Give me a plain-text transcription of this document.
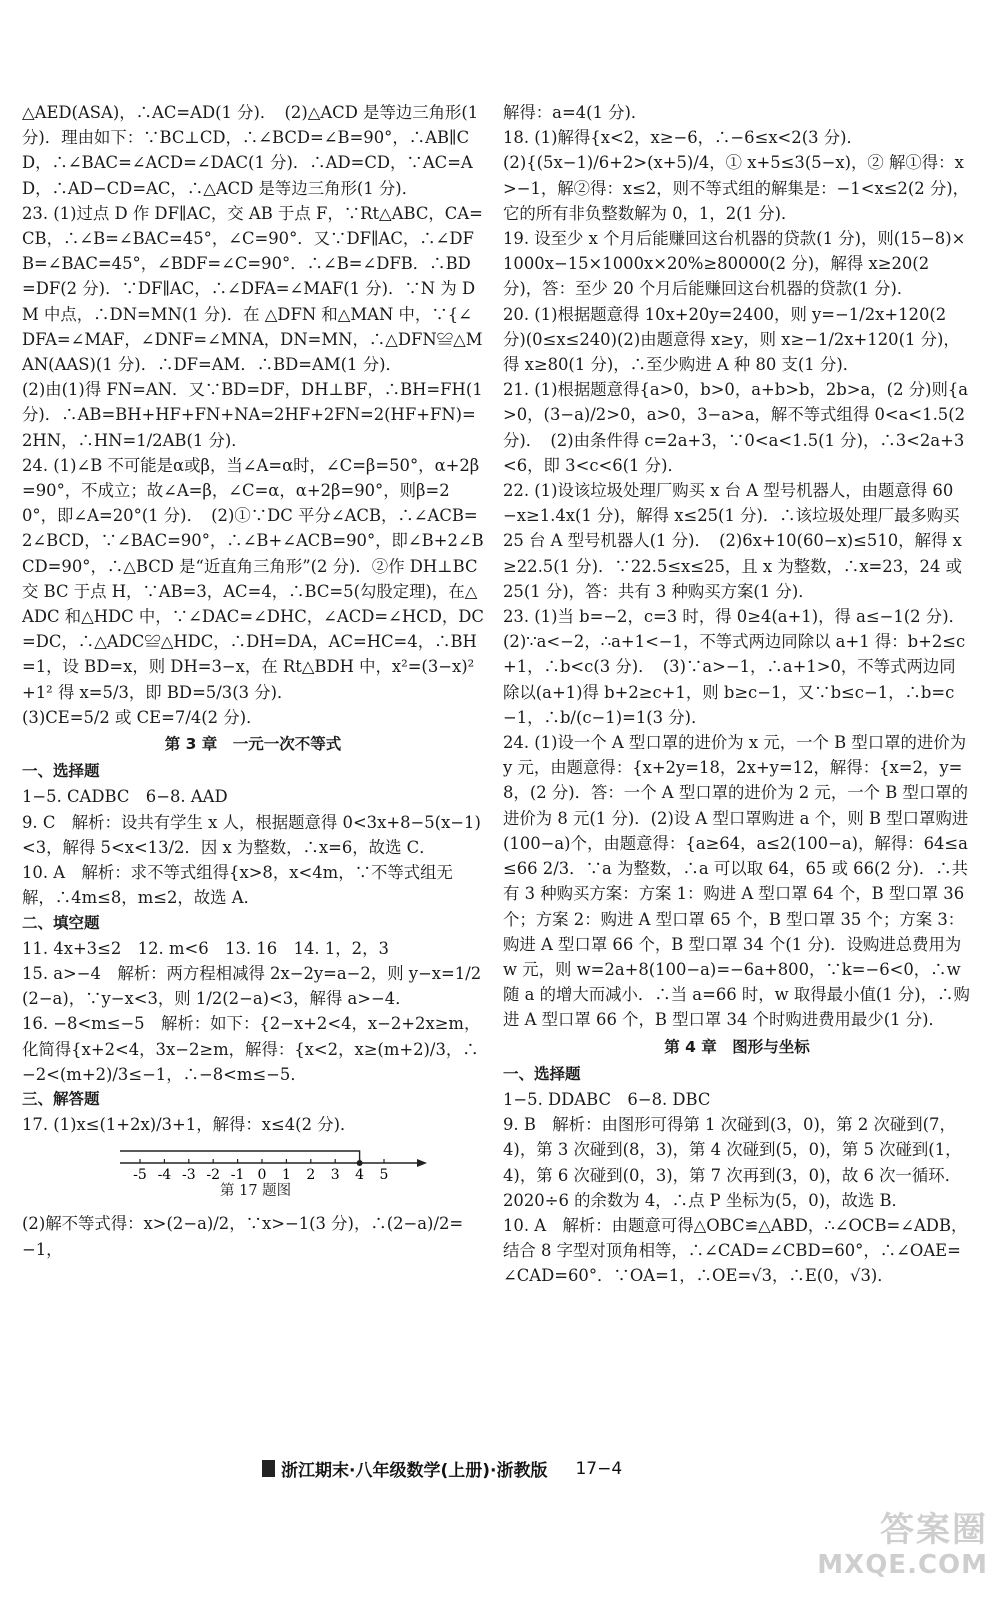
△AED(ASA)，∴AC=AD(1 分)．　(2)△ACD 是等边三角形(1 分)．理由如下：∵BC⊥CD，∴∠BCD=∠B=90°，∴AB∥CD，∴∠BAC=∠ACD=∠DAC(1 分)．∴AD=CD，∵AC=AD，∴AD−CD=AC，∴△ACD 是等边三角形(1 分)．

23. (1)过点 D 作 DF∥AC，交 AB 于点 F，∵Rt△ABC，CA=CB，∴∠B=∠BAC=45°，∠C=90°．又∵DF∥AC，∴∠DFB=∠BAC=45°，∠BDF=∠C=90°．∴∠B=∠DFB．∴BD=DF(2 分)．∵DF∥AC，∴∠DFA=∠MAF(1 分)．∵N 为 DM 中点，∴DN=MN(1 分)．在 △DFN 和△MAN 中，∵{∠DFA=∠MAF，∠DNF=∠MNA，DN=MN，∴△DFN≌△MAN(AAS)(1 分)．∴DF=AM．∴BD=AM(1 分)．

(2)由(1)得 FN=AN．又∵BD=DF，DH⊥BF，∴BH=FH(1 分)．∴AB=BH+HF+FN+NA=2HF+2FN=2(HF+FN)=2HN，∴HN=1/2AB(1 分)．

24. (1)∠B 不可能是α或β，当∠A=α时，∠C=β=50°，α+2β=90°，不成立；故∠A=β，∠C=α，α+2β=90°，则β=20°，即∠A=20°(1 分)．　(2)①∵DC 平分∠ACB，∴∠ACB=2∠BCD，∵∠BAC=90°，∴∠B+∠ACB=90°，即∠B+2∠BCD=90°，∴△BCD 是“近直角三角形”(2 分)．②作 DH⊥BC 交 BC 于点 H，∵AB=3，AC=4，∴BC=5(勾股定理)，在△ADC 和△HDC 中，∵∠DAC=∠DHC，∠ACD=∠HCD，DC=DC，∴△ADC≌△HDC，∴DH=DA，AC=HC=4，∴BH=1，设 BD=x，则 DH=3−x，在 Rt△BDH 中，x²=(3−x)²+1² 得 x=5/3，即 BD=5/3(3 分)．

(3)CE=5/2 或 CE=7/4(2 分)．

第 3 章　一元一次不等式

一、选择题

1−5. CADBC　6−8. AAD

9. C　解析：设共有学生 x 人，根据题意得 0<3x+8−5(x−1)<3，解得 5<x<13/2．因 x 为整数，∴x=6，故选 C．

10. A　解析：求不等式组得{x>8，x<4m，∵不等式组无解，∴4m≤8，m≤2，故选 A．

二、填空题

11. 4x+3≤2　12. m<6　13. 16　14. 1，2，3

15. a>−4　解析：两方程相减得 2x−2y=a−2，则 y−x=1/2(2−a)，∵y−x<3，则 1/2(2−a)<3，解得 a>−4．

16. −8<m≤−5　解析：如下：{2−x+2<4，x−2+2x≥m，化简得{x+2<4，3x−2≥m，解得：{x<2，x≥(m+2)/3，∴−2<(m+2)/3≤−1，∴−8<m≤−5．

三、解答题

17. (1)x≤(1+2x)/3+1，解得：x≤4(2 分)．

-5 -4 -3 -2 -1 0 1 2 3 4 5
第 17 题图

(2)解不等式得：x>(2−a)/2，∵x>−1(3 分)，∴(2−a)/2=−1，

解得：a=4(1 分)．

18. (1)解得{x<2，x≥−6，∴−6≤x<2(3 分)．

(2){(5x−1)/6+2>(x+5)/4，① x+5≤3(5−x)，② 解①得：x>−1，解②得：x≤2，则不等式组的解集是：−1<x≤2(2 分)，它的所有非负整数解为 0，1，2(1 分)．

19. 设至少 x 个月后能赚回这台机器的贷款(1 分)，则(15−8)×1000x−15×1000x×20%≥80000(2 分)，解得 x≥20(2 分)，答：至少 20 个月后能赚回这台机器的贷款(1 分)．

20. (1)根据题意得 10x+20y=2400，则 y=−1/2x+120(2 分)(0≤x≤240)(2)由题意得 x≥y，则 x≥−1/2x+120(1 分)，得 x≥80(1 分)，∴至少购进 A 种 80 支(1 分)．

21. (1)根据题意得{a>0，b>0，a+b>b，2b>a，(2 分)则{a>0，(3−a)/2>0，a>0，3−a>a，解不等式组得 0<a<1.5(2 分)．　(2)由条件得 c=2a+3，∵0<a<1.5(1 分)，∴3<2a+3<6，即 3<c<6(1 分)．

22. (1)设该垃圾处理厂购买 x 台 A 型号机器人，由题意得 60−x≥1.4x(1 分)，解得 x≤25(1 分)．∴该垃圾处理厂最多购买 25 台 A 型号机器人(1 分)．　(2)6x+10(60−x)≤510，解得 x≥22.5(1 分)．∵22.5≤x≤25，且 x 为整数，∴x=23，24 或 25(1 分)，答：共有 3 种购买方案(1 分)．

23. (1)当 b=−2，c=3 时，得 0≥4(a+1)，得 a≤−1(2 分)．

(2)∵a<−2，∴a+1<−1，不等式两边同除以 a+1 得：b+2≤c+1，∴b<c(3 分)．　(3)∵a>−1，∴a+1>0，不等式两边同除以(a+1)得 b+2≥c+1，则 b≥c−1，又∵b≤c−1，∴b=c−1，∴b/(c−1)=1(3 分)．

24. (1)设一个 A 型口罩的进价为 x 元，一个 B 型口罩的进价为 y 元，由题意得：{x+2y=18，2x+y=12，解得：{x=2，y=8，(2 分)．答：一个 A 型口罩的进价为 2 元，一个 B 型口罩的进价为 8 元(1 分)．(2)设 A 型口罩购进 a 个，则 B 型口罩购进(100−a)个，由题意得：{a≥64，a≤2(100−a)，解得：64≤a≤66 2/3．∵a 为整数，∴a 可以取 64，65 或 66(2 分)．∴共有 3 种购买方案：方案 1：购进 A 型口罩 64 个，B 型口罩 36 个；方案 2：购进 A 型口罩 65 个，B 型口罩 35 个；方案 3：购进 A 型口罩 66 个，B 型口罩 34 个(1 分)．设购进总费用为 w 元，则 w=2a+8(100−a)=−6a+800，∵k=−6<0，∴w 随 a 的增大而减小．∴当 a=66 时，w 取得最小值(1 分)，∴购进 A 型口罩 66 个，B 型口罩 34 个时购进费用最少(1 分)．

第 4 章　图形与坐标

一、选择题

1−5. DDABC　6−8. DBC

9. B　解析：由图形可得第 1 次碰到(3，0)，第 2 次碰到(7，4)，第 3 次碰到(8，3)，第 4 次碰到(5，0)，第 5 次碰到(1，4)，第 6 次碰到(0，3)，第 7 次再到(3，0)，故 6 次一循环．2020÷6 的余数为 4，∴点 P 坐标为(5，0)，故选 B．

10. A　解析：由题意可得△OBC≌△ABD，∴∠OCB=∠ADB，结合 8 字型对顶角相等，∴∠CAD=∠CBD=60°，∴∠OAE=∠CAD=60°．∵OA=1，∴OE=√3，∴E(0，√3)．

浙江期末·八年级数学(上册)·浙教版 17−4
答案圈
MXQE.COM
